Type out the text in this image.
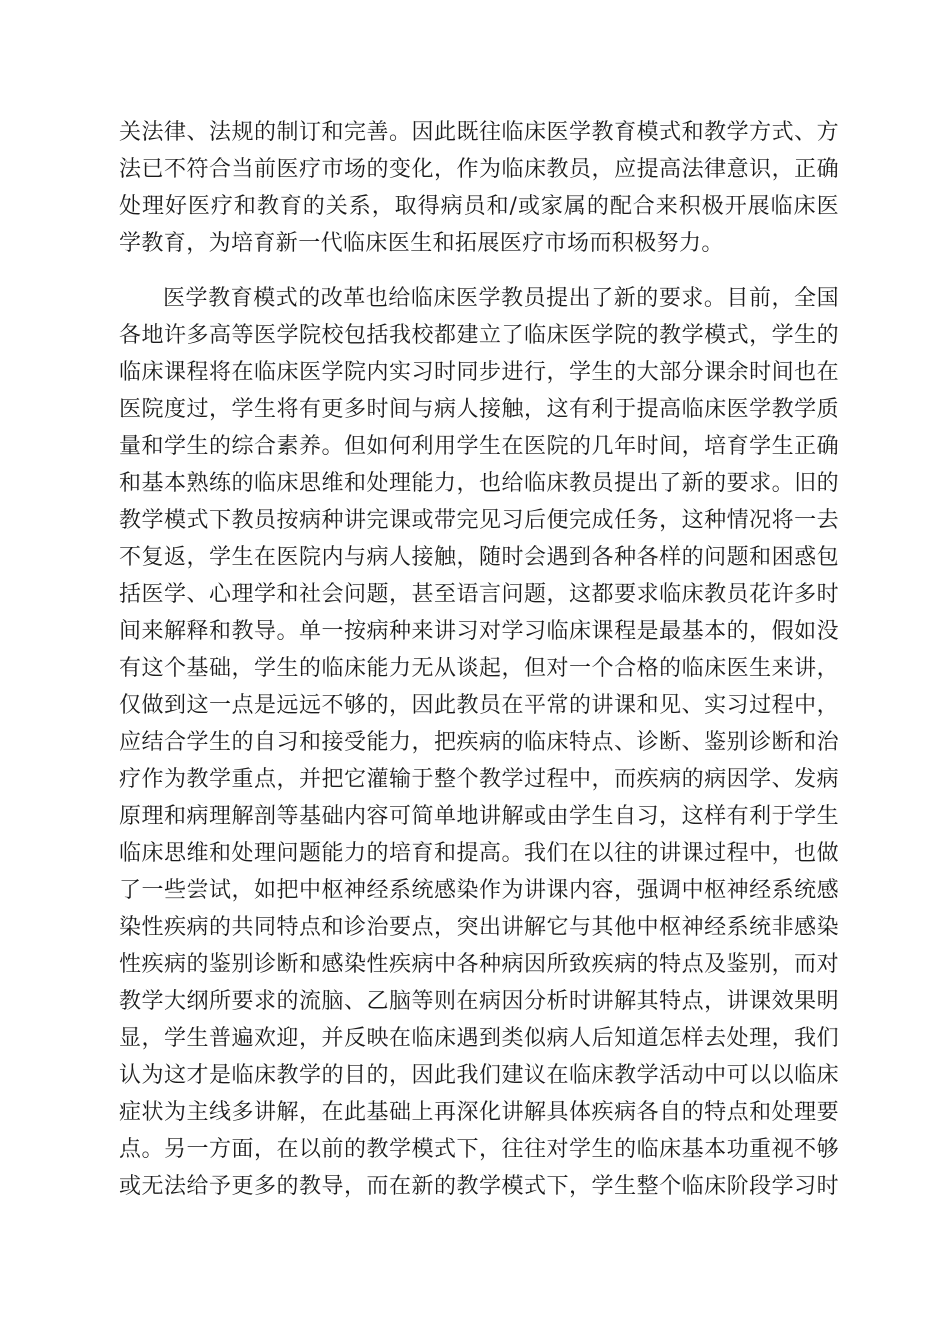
关法律、法规的制订和完善。因此既往临床医学教育模式和教学方式、方
法已不符合当前医疗市场的变化，作为临床教员，应提高法律意识，正确
处理好医疗和教育的关系，取得病员和/或家属的配合来积极开展临床医
学教育，为培育新一代临床医生和拓展医疗市场而积极努力。
医学教育模式的改革也给临床医学教员提出了新的要求。目前，全国
各地许多高等医学院校包括我校都建立了临床医学院的教学模式，学生的
临床课程将在临床医学院内实习时同步进行，学生的大部分课余时间也在
医院度过，学生将有更多时间与病人接触，这有利于提高临床医学教学质
量和学生的综合素养。但如何利用学生在医院的几年时间，培育学生正确
和基本熟练的临床思维和处理能力，也给临床教员提出了新的要求。旧的
教学模式下教员按病种讲完课或带完见习后便完成任务，这种情况将一去
不复返，学生在医院内与病人接触，随时会遇到各种各样的问题和困惑包
括医学、心理学和社会问题，甚至语言问题，这都要求临床教员花许多时
间来解释和教导。单一按病种来讲习对学习临床课程是最基本的，假如没
有这个基础，学生的临床能力无从谈起，但对一个合格的临床医生来讲，
仅做到这一点是远远不够的，因此教员在平常的讲课和见、实习过程中，
应结合学生的自习和接受能力，把疾病的临床特点、诊断、鉴别诊断和治
疗作为教学重点，并把它灌输于整个教学过程中，而疾病的病因学、发病
原理和病理解剖等基础内容可简单地讲解或由学生自习，这样有利于学生
临床思维和处理问题能力的培育和提高。我们在以往的讲课过程中，也做
了一些尝试，如把中枢神经系统感染作为讲课内容，强调中枢神经系统感
染性疾病的共同特点和诊治要点，突出讲解它与其他中枢神经系统非感染
性疾病的鉴别诊断和感染性疾病中各种病因所致疾病的特点及鉴别，而对
教学大纲所要求的流脑、乙脑等则在病因分析时讲解其特点，讲课效果明
显，学生普遍欢迎，并反映在临床遇到类似病人后知道怎样去处理，我们
认为这才是临床教学的目的，因此我们建议在临床教学活动中可以以临床
症状为主线多讲解，在此基础上再深化讲解具体疾病各自的特点和处理要
点。另一方面，在以前的教学模式下，往往对学生的临床基本功重视不够
或无法给予更多的教导，而在新的教学模式下，学生整个临床阶段学习时
